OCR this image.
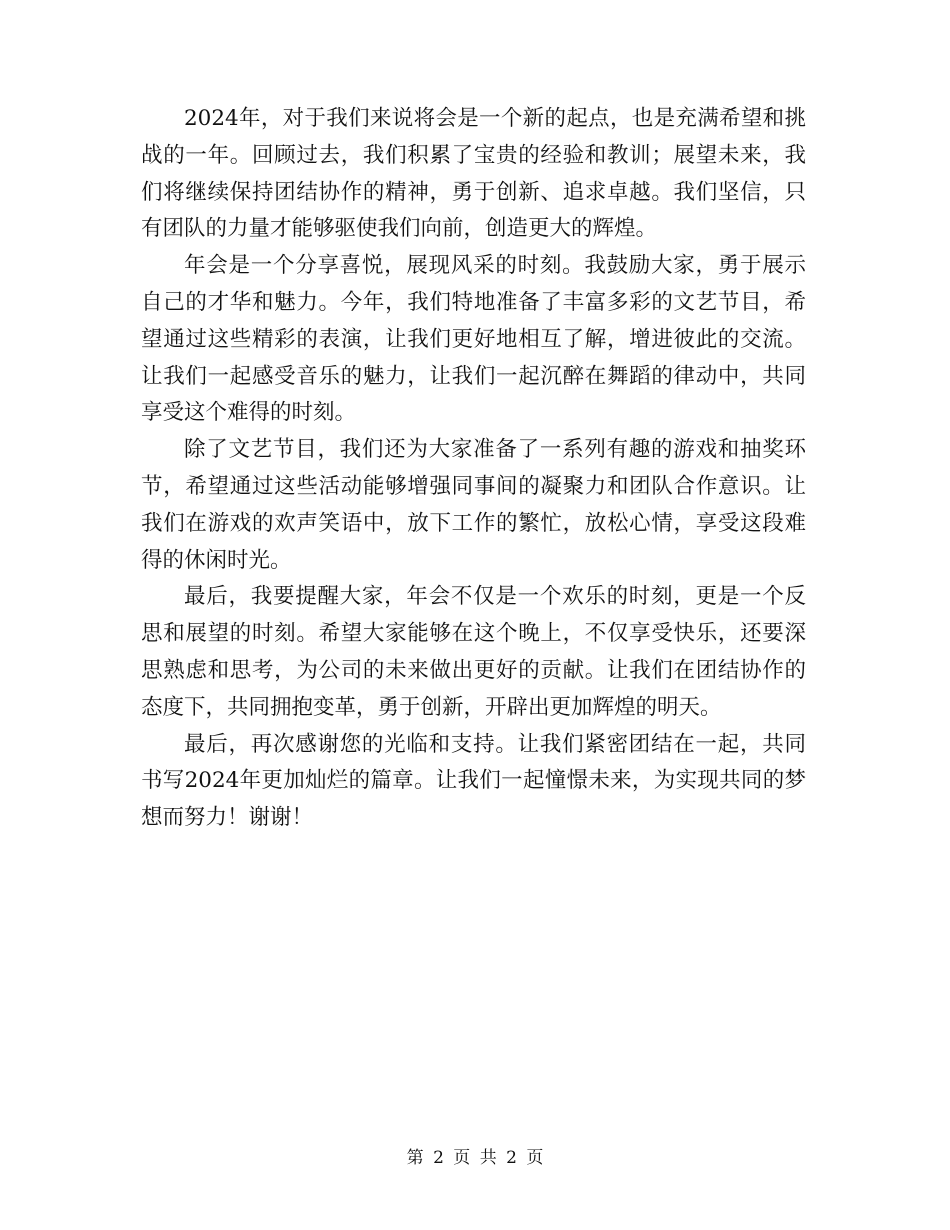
2024年，对于我们来说将会是一个新的起点，也是充满希望和挑战的一年。回顾过去，我们积累了宝贵的经验和教训；展望未来，我们将继续保持团结协作的精神，勇于创新、追求卓越。我们坚信，只有团队的力量才能够驱使我们向前，创造更大的辉煌。

年会是一个分享喜悦，展现风采的时刻。我鼓励大家，勇于展示自己的才华和魅力。今年，我们特地准备了丰富多彩的文艺节目，希望通过这些精彩的表演，让我们更好地相互了解，增进彼此的交流。让我们一起感受音乐的魅力，让我们一起沉醉在舞蹈的律动中，共同享受这个难得的时刻。

除了文艺节目，我们还为大家准备了一系列有趣的游戏和抽奖环节，希望通过这些活动能够增强同事间的凝聚力和团队合作意识。让我们在游戏的欢声笑语中，放下工作的繁忙，放松心情，享受这段难得的休闲时光。

最后，我要提醒大家，年会不仅是一个欢乐的时刻，更是一个反思和展望的时刻。希望大家能够在这个晚上，不仅享受快乐，还要深思熟虑和思考，为公司的未来做出更好的贡献。让我们在团结协作的态度下，共同拥抱变革，勇于创新，开辟出更加辉煌的明天。

最后，再次感谢您的光临和支持。让我们紧密团结在一起，共同书写2024年更加灿烂的篇章。让我们一起憧憬未来，为实现共同的梦想而努力！谢谢！

第 2 页 共 2 页
